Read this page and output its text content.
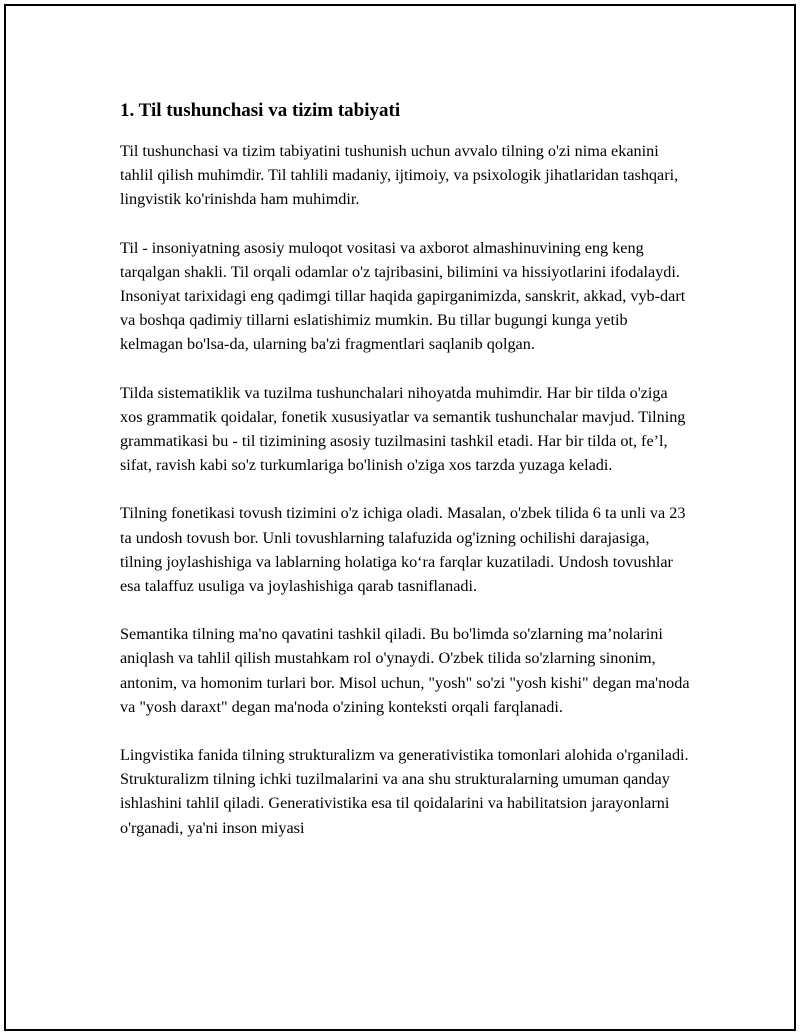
1. Til tushunchasi va tizim tabiyati

Til tushunchasi va tizim tabiyatini tushunish uchun avvalo tilning o'zi nima ekanini tahlil qilish muhimdir. Til tahlili madaniy, ijtimoiy, va psixologik jihatlaridan tashqari, lingvistik ko'rinishda ham muhimdir.

Til - insoniyatning asosiy muloqot vositasi va axborot almashinuvining eng keng tarqalgan shakli. Til orqali odamlar o'z tajribasini, bilimini va hissiyotlarini ifodalaydi. Insoniyat tarixidagi eng qadimgi tillar haqida gapirganimizda, sanskrit, akkad, vyb-dart va boshqa qadimiy tillarni eslatishimiz mumkin. Bu tillar bugungi kunga yetib kelmagan bo'lsa-da, ularning ba'zi fragmentlari saqlanib qolgan.

Tilda sistematiklik va tuzilma tushunchalari nihoyatda muhimdir. Har bir tilda o'ziga xos grammatik qoidalar, fonetik xususiyatlar va semantik tushunchalar mavjud. Tilning grammatikasi bu - til tizimining asosiy tuzilmasini tashkil etadi. Har bir tilda ot, fe’l, sifat, ravish kabi so'z turkumlariga bo'linish o'ziga xos tarzda yuzaga keladi.

Tilning fonetikasi tovush tizimini o'z ichiga oladi. Masalan, o'zbek tilida 6 ta unli va 23 ta undosh tovush bor. Unli tovushlarning talafuzida og'izning ochilishi darajasiga, tilning joylashishiga va lablarning holatiga ko‘ra farqlar kuzatiladi. Undosh tovushlar esa talaffuz usuliga va joylashishiga qarab tasniflanadi.

Semantika tilning ma'no qavatini tashkil qiladi. Bu bo'limda so'zlarning ma’nolarini aniqlash va tahlil qilish mustahkam rol o'ynaydi. O'zbek tilida so'zlarning sinonim, antonim, va homonim turlari bor. Misol uchun, "yosh" so'zi "yosh kishi" degan ma'noda va "yosh daraxt" degan ma'noda o'zining konteksti orqali farqlanadi.

Lingvistika fanida tilning strukturalizm va generativistika tomonlari alohida o'rganiladi. Strukturalizm tilning ichki tuzilmalarini va ana shu strukturalarning umuman qanday ishlashini tahlil qiladi. Generativistika esa til qoidalarini va habilitatsion jarayonlarni o'rganadi, ya'ni inson miyasi
